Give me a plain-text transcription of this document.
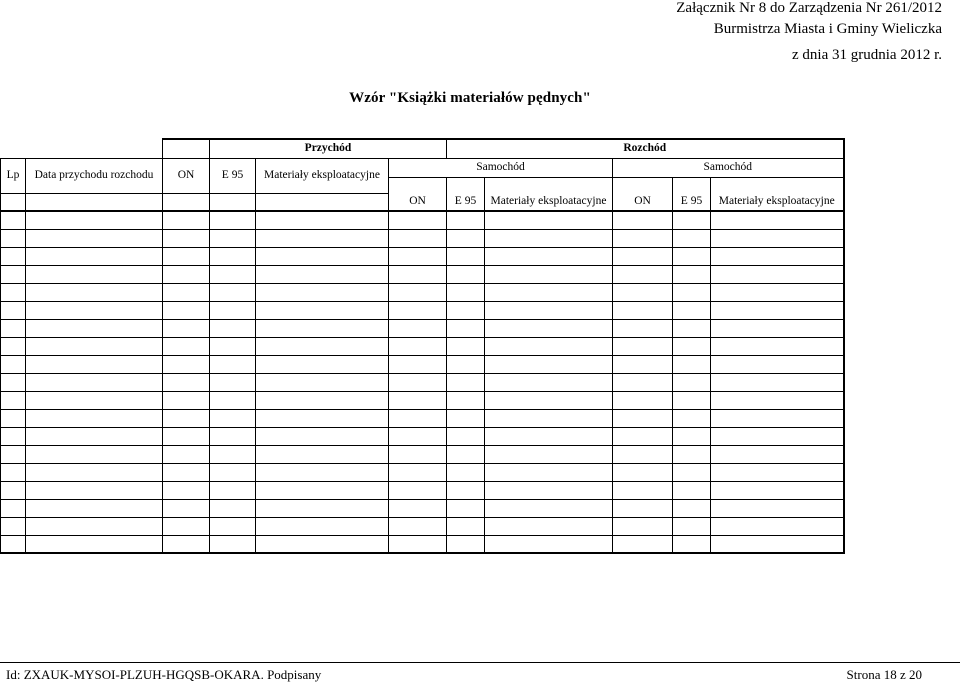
Załącznik Nr 8 do Zarządzenia Nr 261/2012
Burmistrza Miasta i Gminy Wieliczka
z dnia 31 grudnia 2012 r.
Wzór "Książki materiałów pędnych"
			Przychód			Rozchód				
Lp	Data przychodu rozchodu	ON	E 95	Materiały eksploatacyjne	Samochód			Samochód		

					ON	E 95	Materiały eksploatacyjne	ON	E 95	Materiały eksploatacyjne

Id: ZXAUK-MYSOI-PLZUH-HGQSB-OKARA. Podpisany	Strona 18 z 20
